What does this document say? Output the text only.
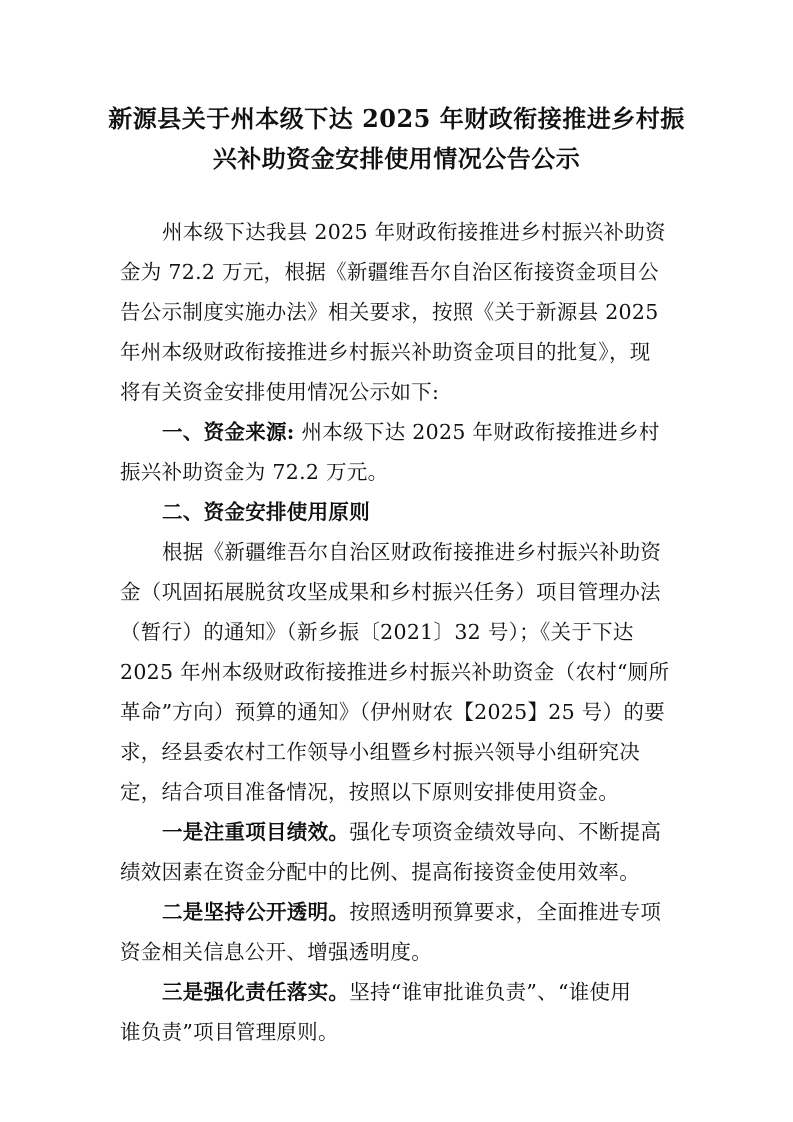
新源县关于州本级下达 2025 年财政衔接推进乡村振
兴补助资金安排使用情况公告公示
州本级下达我县 2025 年财政衔接推进乡村振兴补助资
金为 72.2 万元，根据《新疆维吾尔自治区衔接资金项目公
告公示制度实施办法》相关要求，按照《关于新源县 2025
年州本级财政衔接推进乡村振兴补助资金项目的批复》，现
将有关资金安排使用情况公示如下:
一、资金来源: 州本级下达 2025 年财政衔接推进乡村
振兴补助资金为 72.2 万元。
二、资金安排使用原则
根据《新疆维吾尔自治区财政衔接推进乡村振兴补助资
金（巩固拓展脱贫攻坚成果和乡村振兴任务）项目管理办法
（暂行）的通知》（新乡振〔2021〕32 号）；《关于下达
2025 年州本级财政衔接推进乡村振兴补助资金（农村“厕所
革命”方向）预算的通知》（伊州财农【2025】25 号）的要
求，经县委农村工作领导小组暨乡村振兴领导小组研究决
定，结合项目准备情况，按照以下原则安排使用资金。
一是注重项目绩效。强化专项资金绩效导向、不断提高
绩效因素在资金分配中的比例、提高衔接资金使用效率。
二是坚持公开透明。按照透明预算要求，全面推进专项
资金相关信息公开、增强透明度。
三是强化责任落实。坚持“谁审批谁负责”、“谁使用
谁负责”项目管理原则。
